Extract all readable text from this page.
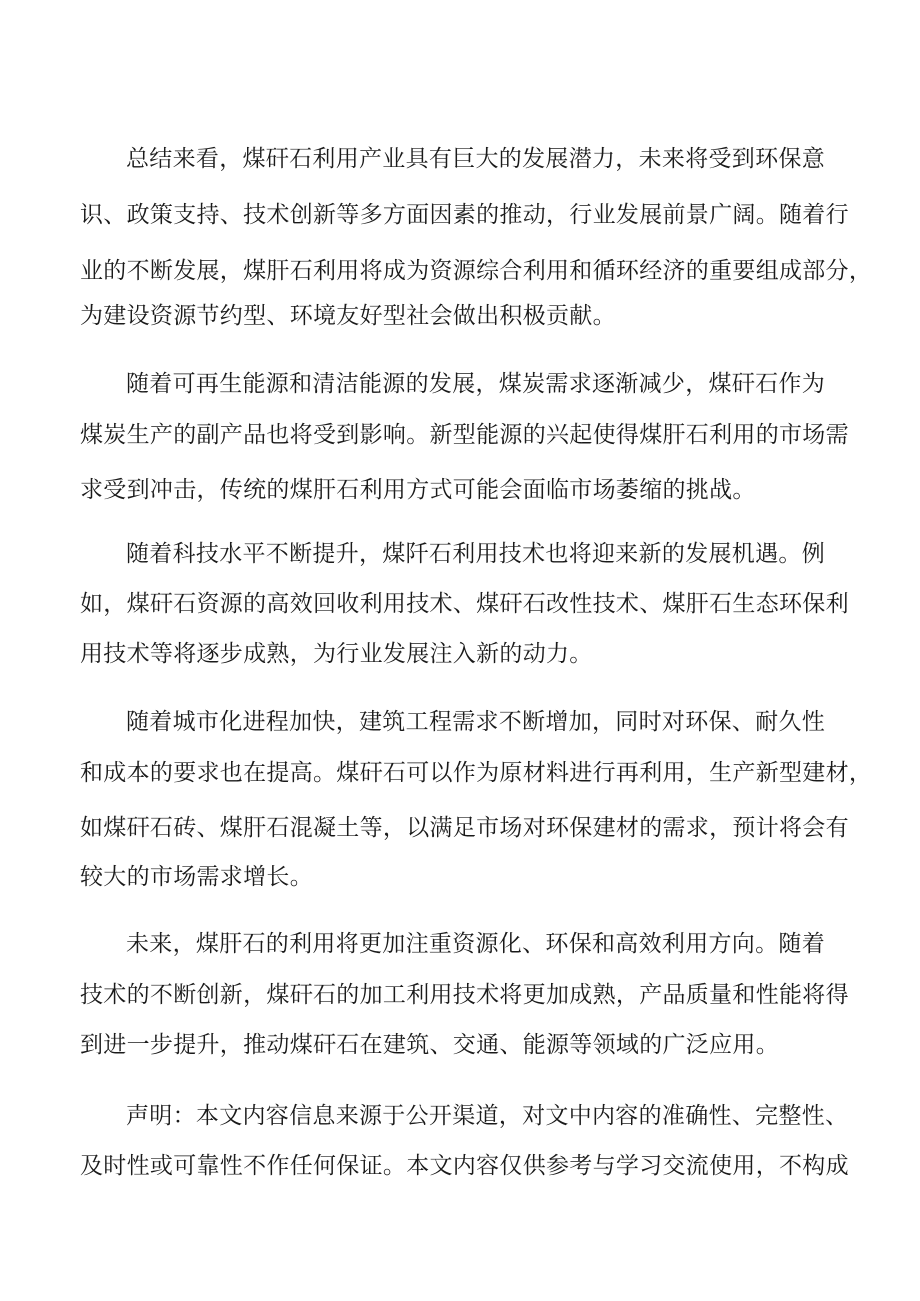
总结来看，煤矸石利用产业具有巨大的发展潜力，未来将受到环保意

识、政策支持、技术创新等多方面因素的推动，行业发展前景广阔。随着行

业的不断发展，煤肝石利用将成为资源综合利用和循环经济的重要组成部分，

为建设资源节约型、环境友好型社会做出积极贡献。

随着可再生能源和清洁能源的发展，煤炭需求逐渐减少，煤矸石作为

煤炭生产的副产品也将受到影响。新型能源的兴起使得煤肝石利用的市场需

求受到冲击，传统的煤肝石利用方式可能会面临市场萎缩的挑战。

随着科技水平不断提升，煤阡石利用技术也将迎来新的发展机遇。例

如，煤矸石资源的高效回收利用技术、煤矸石改性技术、煤肝石生态环保利

用技术等将逐步成熟，为行业发展注入新的动力。

随着城市化进程加快，建筑工程需求不断增加，同时对环保、耐久性

和成本的要求也在提高。煤矸石可以作为原材料进行再利用，生产新型建材，

如煤矸石砖、煤肝石混凝土等，以满足市场对环保建材的需求，预计将会有

较大的市场需求增长。

未来，煤肝石的利用将更加注重资源化、环保和高效利用方向。随着

技术的不断创新，煤矸石的加工利用技术将更加成熟，产品质量和性能将得

到进一步提升，推动煤矸石在建筑、交通、能源等领域的广泛应用。

声明：本文内容信息来源于公开渠道，对文中内容的准确性、完整性、

及时性或可靠性不作任何保证。本文内容仅供参考与学习交流使用，不构成
